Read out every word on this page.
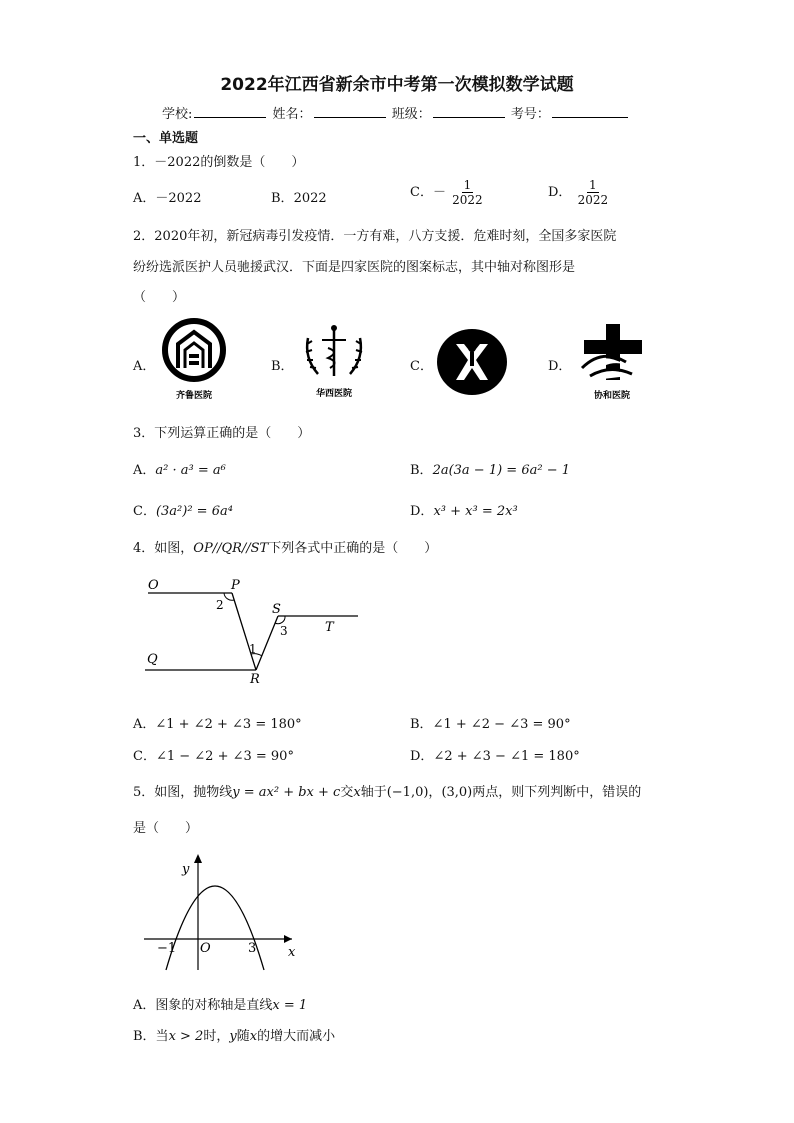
2022年江西省新余市中考第一次模拟数学试题
学校:	姓名：	班级：	考号：
一、单选题
1．－2022的倒数是（　　）
A．－2022	B．2022	C．－ $\frac{1}{2022}$	D． $\frac{1}{2022}$
2．2020年初，新冠病毒引发疫情．一方有难，八方支援．危难时刻，全国多家医院
纷纷选派医护人员驰援武汉．下面是四家医院的图案标志，其中轴对称图形是
（　　）
A．
齐鲁医院
B．
华西医院
C．	D．
协和医院
3．下列运算正确的是（　　）
A．a² · a³ = a⁶	B．2a(3a − 1) = 6a² − 1
C．(3a²)² = 6a⁴	D．x³ + x³ = 2x³
4．如图，OP//QR//ST下列各式中正确的是（　　）
O	P
Q
R
S
T
1
2
3
A．∠1 + ∠2 + ∠3 = 180°	B．∠1 + ∠2 − ∠3 = 90°
C．∠1 − ∠2 + ∠3 = 90°	D．∠2 + ∠3 − ∠1 = 180°
5．如图，抛物线y = ax² + bx + c交x轴于(−1,0)，(3,0)两点，则下列判断中，错误的
是（　　）
y
x
O
−1	3
A．图象的对称轴是直线x = 1
B．当x > 2时，y随x的增大而减小
